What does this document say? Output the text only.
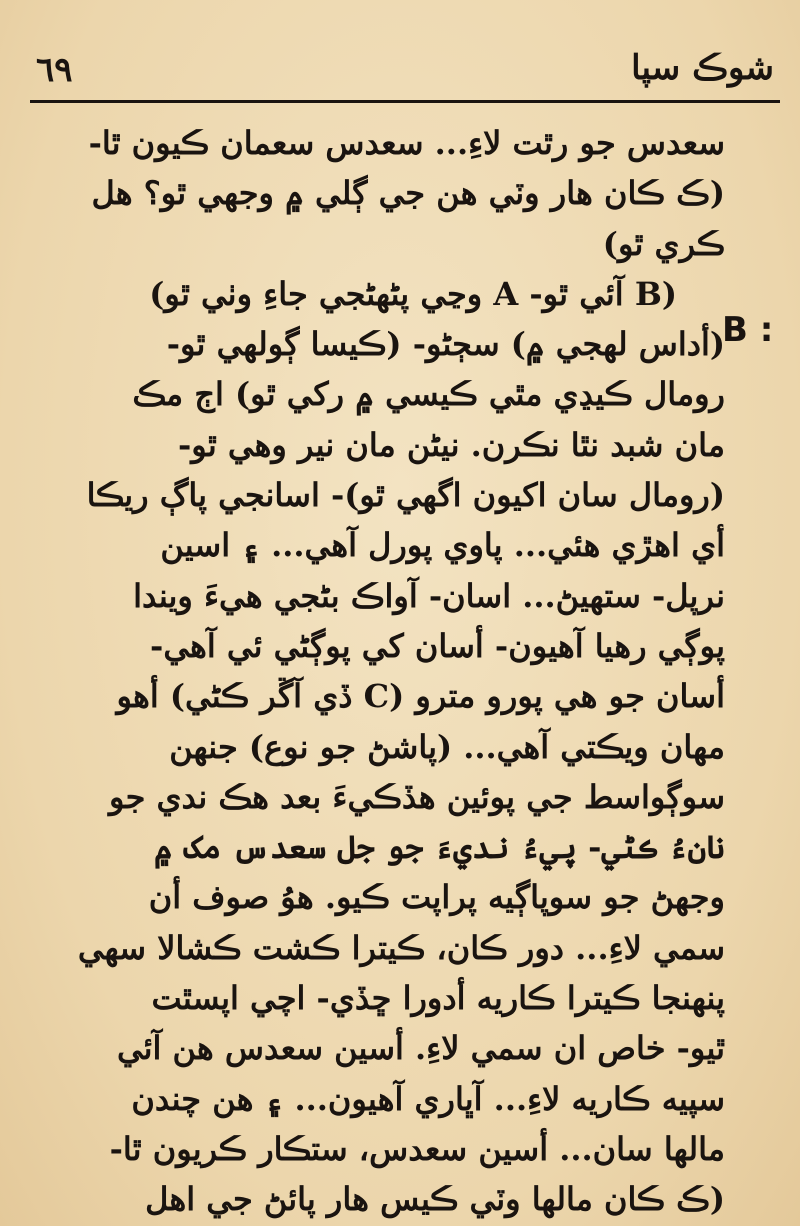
٦٩	شوڪ سپا
B :
سعدس جو رٿت لاءِ... سعدس سعمان ڪيون ٿا-
(ڪ ڪان هار وٽي هن جي ڳلي ۾ وجهي ٿو؟ هل
ڪري ٿو)
(B آئي ٿو- A وڃي پڻهڻجي جاءِ وٺي ٿو)
(أداس لهجي ۾) سڄڻو- (ڪيسا ڳولهي ٿو-
رومال ڪيڍي مٿي ڪيسي ۾ رکي ٿو) اڄ مڪ
مان شبد نٿا نڪرن. نيڻن مان نير وهي ٿو-
(رومال سان اکيون اگهي ٿو)- اسانجي پاڳ ريڪا
أي اهڙي هئي... پاوي پورل آهي... ۽ اسين
نرپل- ستهيڻ... اسان- آواڪ بڻجي هيءَ ويندا
پوڳي رهيا آهيون- أسان کي پوڳڻي ئي آهي-
أسان جو هي پورو مترو (C ڏي آڱر ڪڻي) أهو
مهان ويڪتي آهي... (پاشڻ جو نوع) جنهن
سوڳواسط جي پوئين هڏڪيءَ بعد هڪ ندي جو
نانءُ ڪڻي- پيءُ نديءَ جو جل سعدس مک ۾
وجهڻ جو سوپاڳيه پراپت ڪيو. هوُ صوف أن
سمي لاءِ... دور ڪان، ڪيترا ڪشت ڪشالا سهي
پنهنجا ڪيترا ڪاريه أدورا ڇڏي- اچي اپسٿت
ٿيو- خاص ان سمي لاءِ. أسين سعدس هن آئي
سپيه ڪاريه لاءِ... آڀاري آهيون... ۽ هن چندن
مالها سان... أسين سعدس، ستڪار ڪريون ٿا-
(ڪ ڪان مالها وٽي ڪيس هار پائڻ جي اهل
